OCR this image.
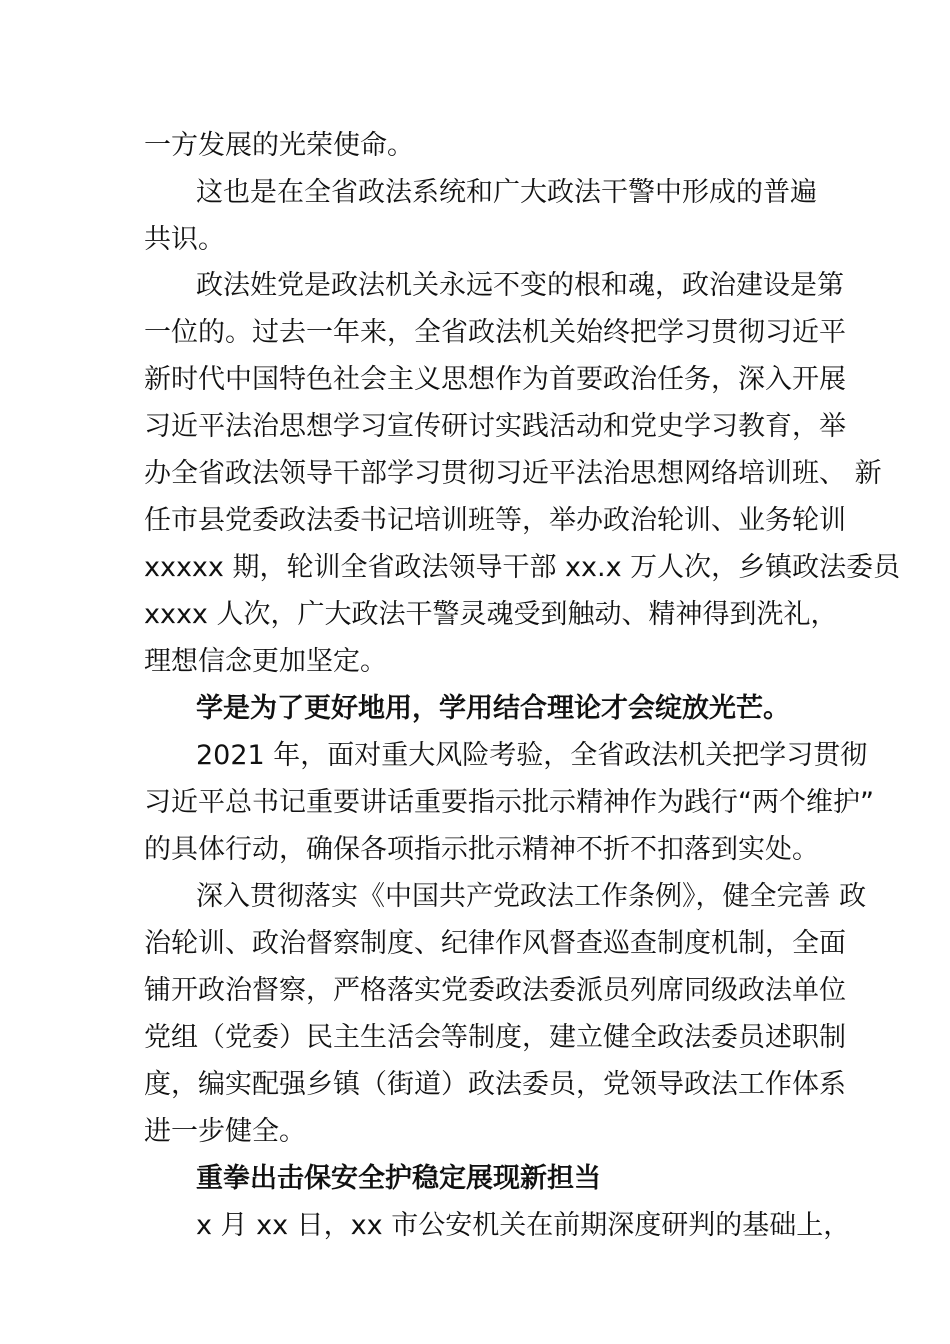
一方发展的光荣使命。
这也是在全省政法系统和广大政法干警中形成的普遍
共识。
政法姓党是政法机关永远不变的根和魂，政治建设是第
一位的。过去一年来，全省政法机关始终把学习贯彻习近平
新时代中国特色社会主义思想作为首要政治任务，深入开展
习近平法治思想学习宣传研讨实践活动和党史学习教育，举
办全省政法领导干部学习贯彻习近平法治思想网络培训班、 新
任市县党委政法委书记培训班等，举办政治轮训、业务轮训
xxxxx 期，轮训全省政法领导干部 xx.x 万人次，乡镇政法委员
xxxx 人次，广大政法干警灵魂受到触动、精神得到洗礼，
理想信念更加坚定。
学是为了更好地用，学用结合理论才会绽放光芒。
2021 年，面对重大风险考验，全省政法机关把学习贯彻
习近平总书记重要讲话重要指示批示精神作为践行“两个维护”
的具体行动，确保各项指示批示精神不折不扣落到实处。
深入贯彻落实《中国共产党政法工作条例》，健全完善 政
治轮训、政治督察制度、纪律作风督查巡查制度机制，全面
铺开政治督察，严格落实党委政法委派员列席同级政法单位
党组（党委）民主生活会等制度，建立健全政法委员述职制
度，编实配强乡镇（街道）政法委员，党领导政法工作体系
进一步健全。
重拳出击保安全护稳定展现新担当
x 月 xx 日，xx 市公安机关在前期深度研判的基础上，
